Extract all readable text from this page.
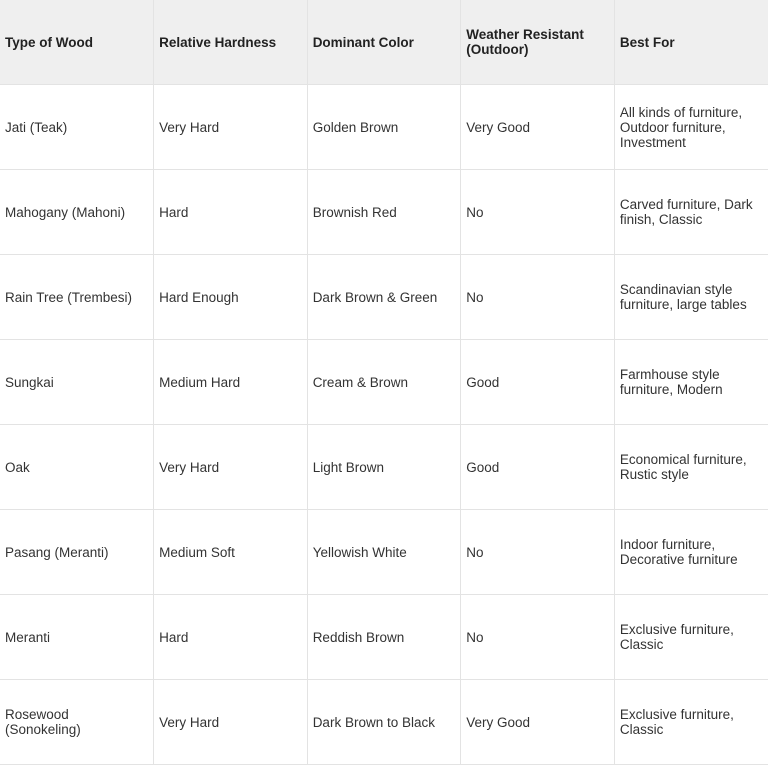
Type of Wood	Relative Hardness	Dominant Color	Weather Resistant (Outdoor)	Best For
Jati (Teak)	Very Hard	Golden Brown	Very Good	All kinds of furniture, Outdoor furniture, Investment
Mahogany (Mahoni)	Hard	Brownish Red	No	Carved furniture, Dark finish, Classic
Rain Tree (Trembesi)	Hard Enough	Dark Brown & Green	No	Scandinavian style furniture, large tables
Sungkai	Medium Hard	Cream & Brown	Good	Farmhouse style furniture, Modern
Oak	Very Hard	Light Brown	Good	Economical furniture, Rustic style
Pasang (Meranti)	Medium Soft	Yellowish White	No	Indoor furniture, Decorative furniture
Meranti	Hard	Reddish Brown	No	Exclusive furniture, Classic
Rosewood (Sonokeling)	Very Hard	Dark Brown to Black	Very Good	Exclusive furniture, Classic
